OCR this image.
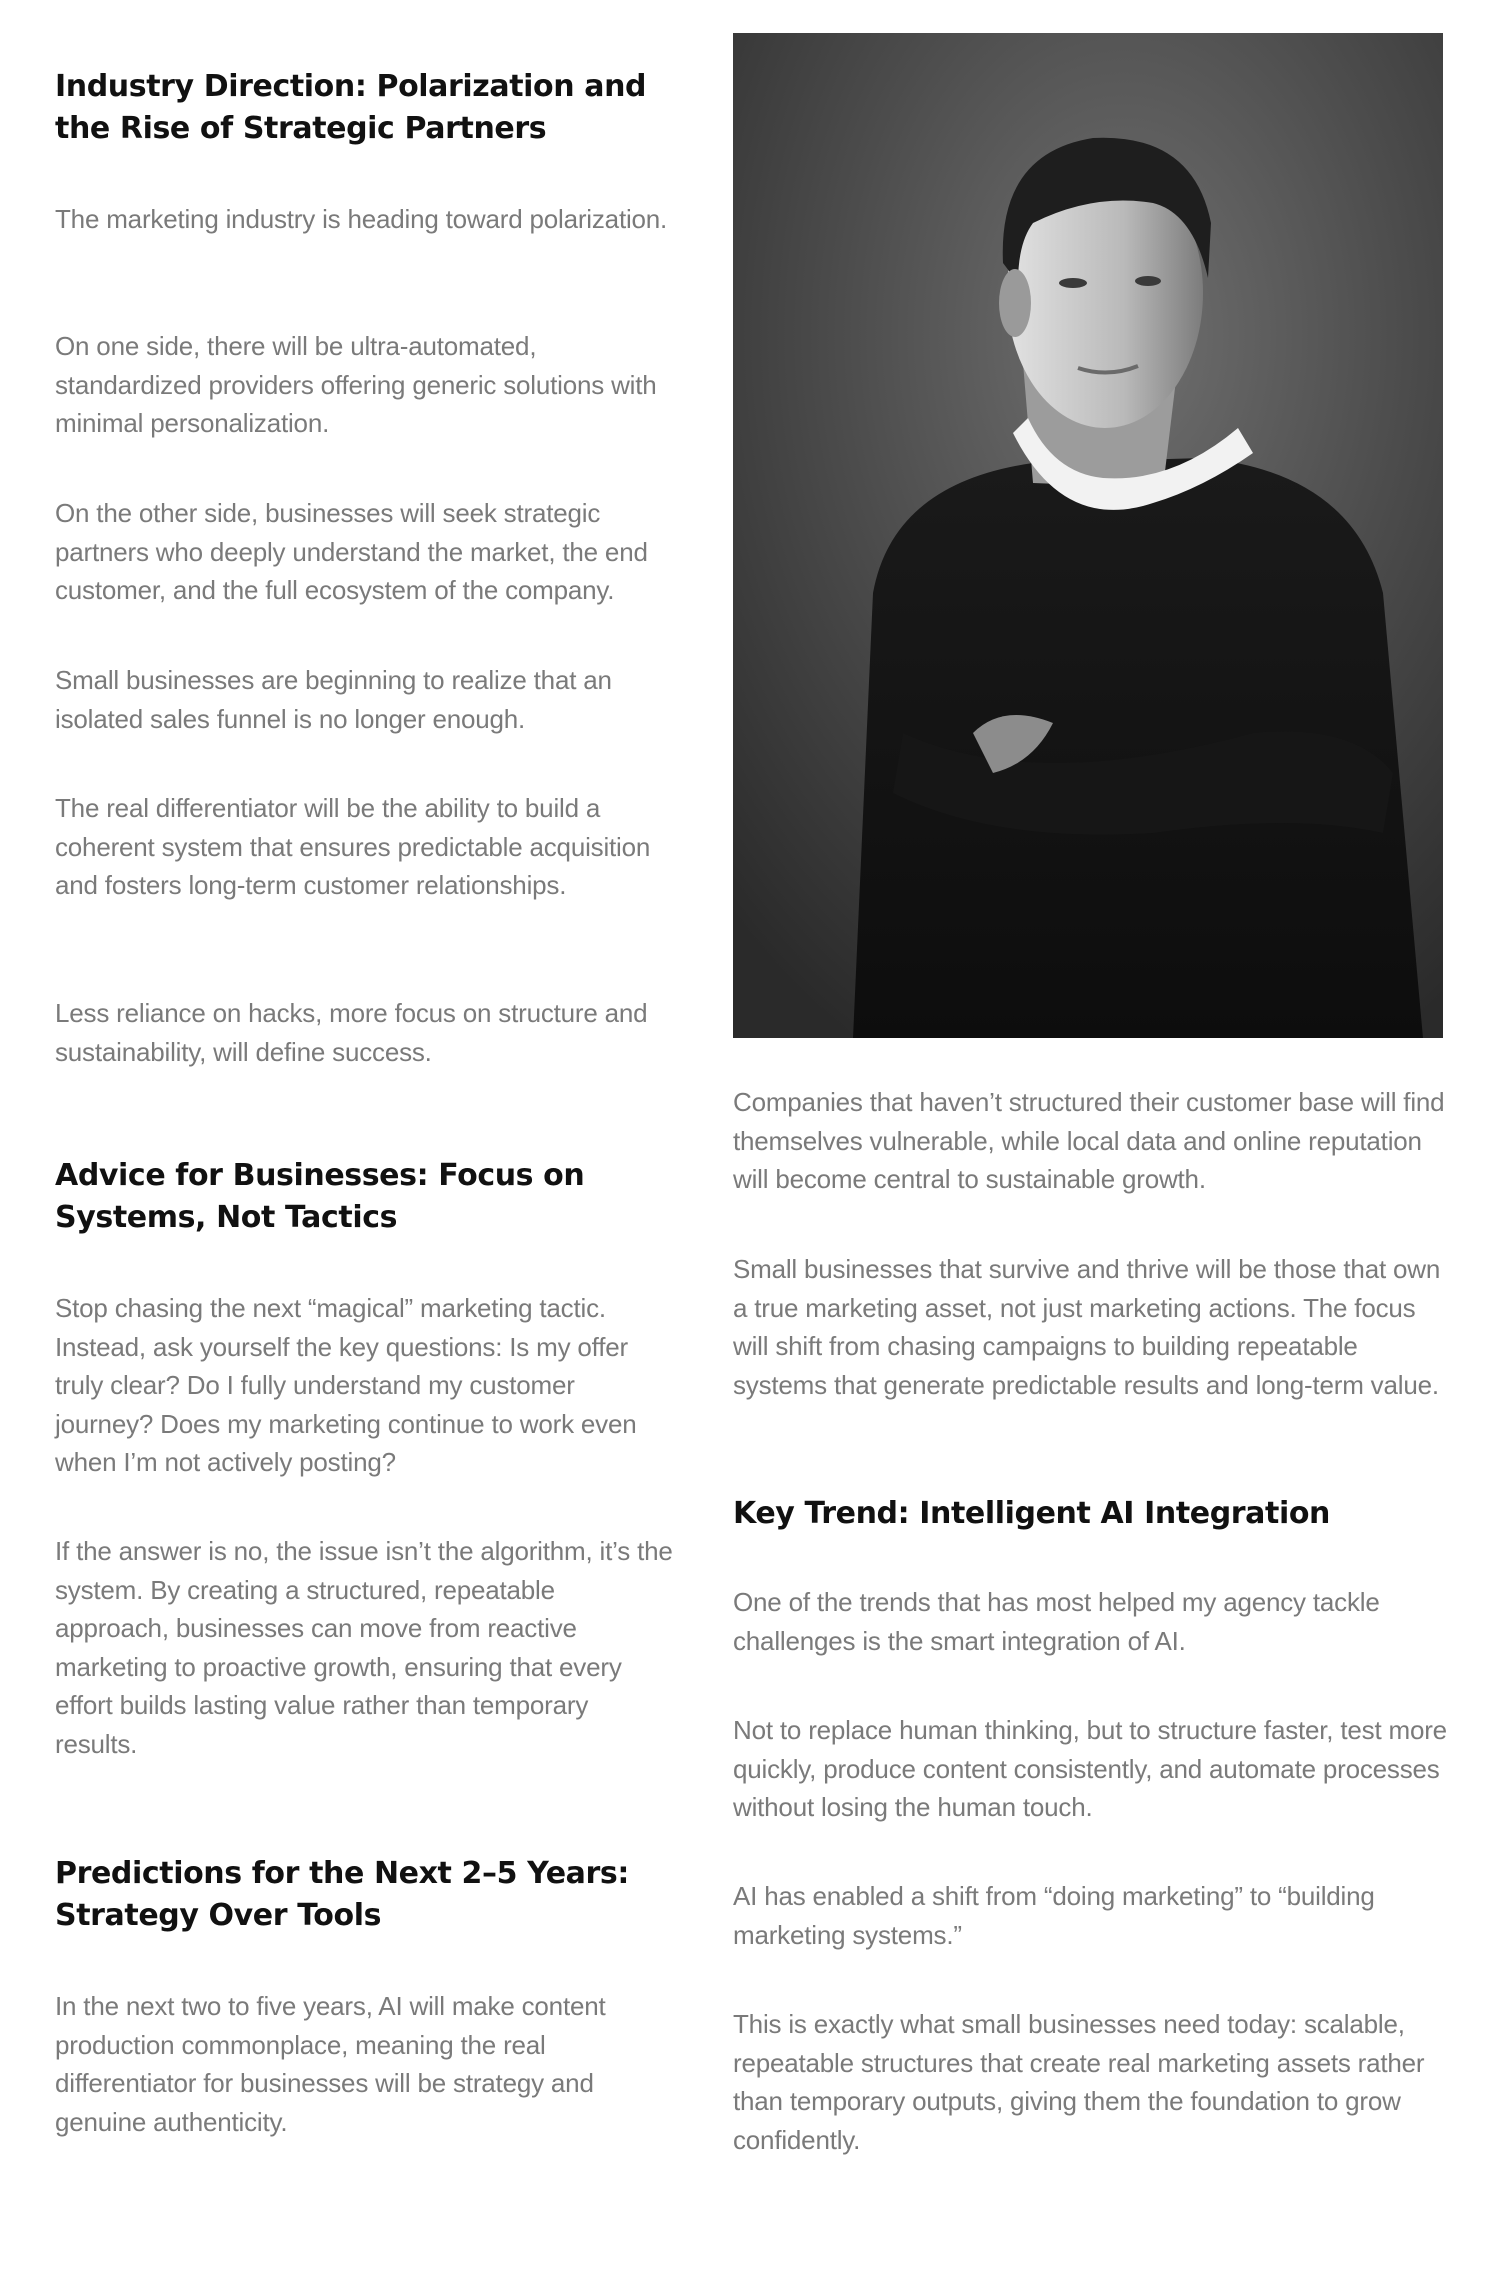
Industry Direction: Polarization and the Rise of Strategic Partners

The marketing industry is heading toward polarization.

On one side, there will be ultra-automated, standardized providers offering generic solutions with minimal personalization.

On the other side, businesses will seek strategic partners who deeply understand the market, the end customer, and the full ecosystem of the company.

Small businesses are beginning to realize that an isolated sales funnel is no longer enough.

The real differentiator will be the ability to build a coherent system that ensures predictable acquisition and fosters long-term customer relationships.

Less reliance on hacks, more focus on structure and sustainability, will define success.

Advice for Businesses: Focus on Systems, Not Tactics

Stop chasing the next “magical” marketing tactic. Instead, ask yourself the key questions: Is my offer truly clear? Do I fully understand my customer journey? Does my marketing continue to work even when I’m not actively posting?

If the answer is no, the issue isn’t the algorithm, it’s the system. By creating a structured, repeatable approach, businesses can move from reactive marketing to proactive growth, ensuring that every effort builds lasting value rather than temporary results.

Predictions for the Next 2–5 Years: Strategy Over Tools

In the next two to five years, AI will make content production commonplace, meaning the real differentiator for businesses will be strategy and genuine authenticity.

Companies that haven’t structured their customer base will find themselves vulnerable, while local data and online reputation will become central to sustainable growth.

Small businesses that survive and thrive will be those that own a true marketing asset, not just marketing actions. The focus will shift from chasing campaigns to building repeatable systems that generate predictable results and long-term value.

Key Trend: Intelligent AI Integration

One of the trends that has most helped my agency tackle challenges is the smart integration of AI.

Not to replace human thinking, but to structure faster, test more quickly, produce content consistently, and automate processes without losing the human touch.

AI has enabled a shift from “doing marketing” to “building marketing systems.”

This is exactly what small businesses need today: scalable, repeatable structures that create real marketing assets rather than temporary outputs, giving them the foundation to grow confidently.
